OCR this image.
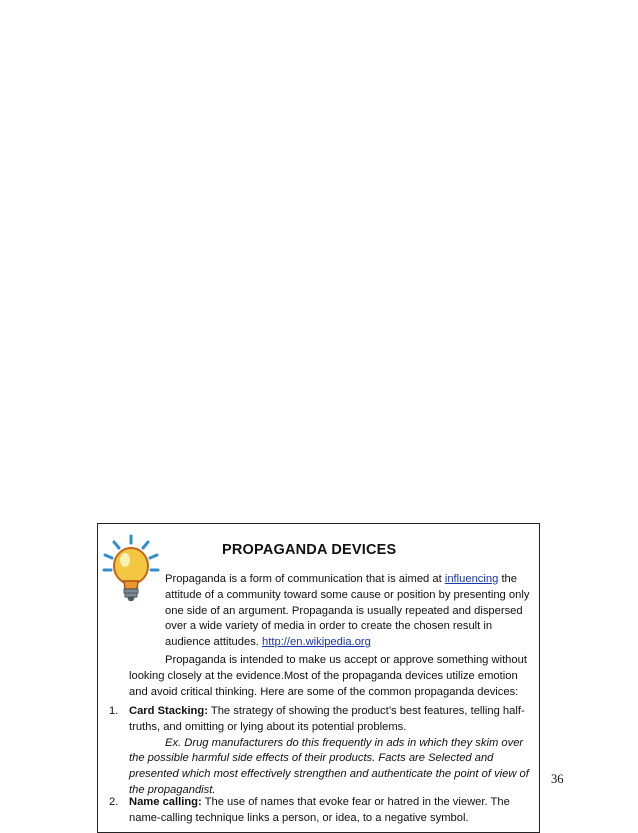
PROPAGANDA DEVICES

Propaganda is a form of communication that is aimed at influencing the attitude of a community toward some cause or position by presenting only one side of an argument. Propaganda is usually repeated and dispersed over a wide variety of media in order to create the chosen result in audience attitudes. http://en.wikipedia.org

Propaganda is intended to make us accept or approve something without looking closely at the evidence.Most of the propaganda devices utilize emotion and avoid critical thinking. Here are some of the common propaganda devices:

1. Card Stacking: The strategy of showing the product’s best features, telling half-truths, and omitting or lying about its potential problems.

Ex. Drug manufacturers do this frequently in ads in which they skim over the possible harmful side effects of their products. Facts are Selected and presented which most effectively strengthen and authenticate the point of view of the propagandist.

2. Name calling: The use of names that evoke fear or hatred in the viewer. The name-calling technique links a person, or idea, to a negative symbol.
36
